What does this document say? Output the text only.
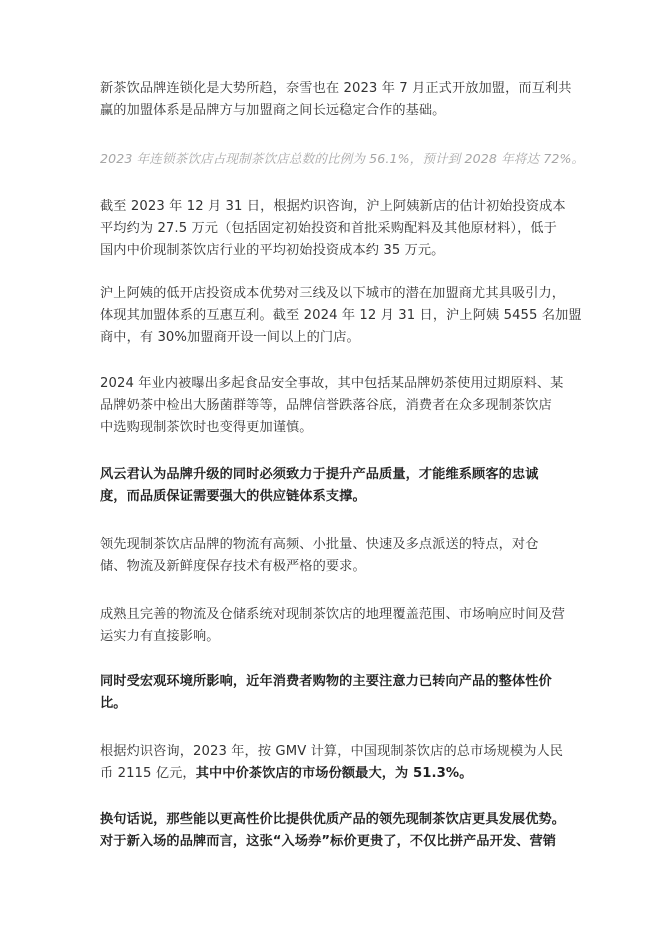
新茶饮品牌连锁化是大势所趋，奈雪也在 2023 年 7 月正式开放加盟，而互利共
赢的加盟体系是品牌方与加盟商之间长远稳定合作的基础。

2023 年连锁茶饮店占现制茶饮店总数的比例为 56.1%，预计到 2028 年将达 72%。

截至 2023 年 12 月 31 日，根据灼识咨询，沪上阿姨新店的估计初始投资成本
平均约为 27.5 万元（包括固定初始投资和首批采购配料及其他原材料），低于
国内中价现制茶饮店行业的平均初始投资成本约 35 万元。

沪上阿姨的低开店投资成本优势对三线及以下城市的潜在加盟商尤其具吸引力，
体现其加盟体系的互惠互利。截至 2024 年 12 月 31 日，沪上阿姨 5455 名加盟
商中，有 30%加盟商开设一间以上的门店。

2024 年业内被曝出多起食品安全事故，其中包括某品牌奶茶使用过期原料、某
品牌奶茶中检出大肠菌群等等，品牌信誉跌落谷底，消费者在众多现制茶饮店
中选购现制茶饮时也变得更加谨慎。

风云君认为品牌升级的同时必须致力于提升产品质量，才能维系顾客的忠诚
度，而品质保证需要强大的供应链体系支撑。

领先现制茶饮店品牌的物流有高频、小批量、快速及多点派送的特点，对仓
储、物流及新鲜度保存技术有极严格的要求。

成熟且完善的物流及仓储系统对现制茶饮店的地理覆盖范围、市场响应时间及营
运实力有直接影响。

同时受宏观环境所影响，近年消费者购物的主要注意力已转向产品的整体性价
比。

根据灼识咨询，2023 年，按 GMV 计算，中国现制茶饮店的总市场规模为人民
币 2115 亿元，其中中价茶饮店的市场份额最大，为 51.3%。

换句话说，那些能以更高性价比提供优质产品的领先现制茶饮店更具发展优势。
对于新入场的品牌而言，这张“入场券”标价更贵了，不仅比拼产品开发、营销
